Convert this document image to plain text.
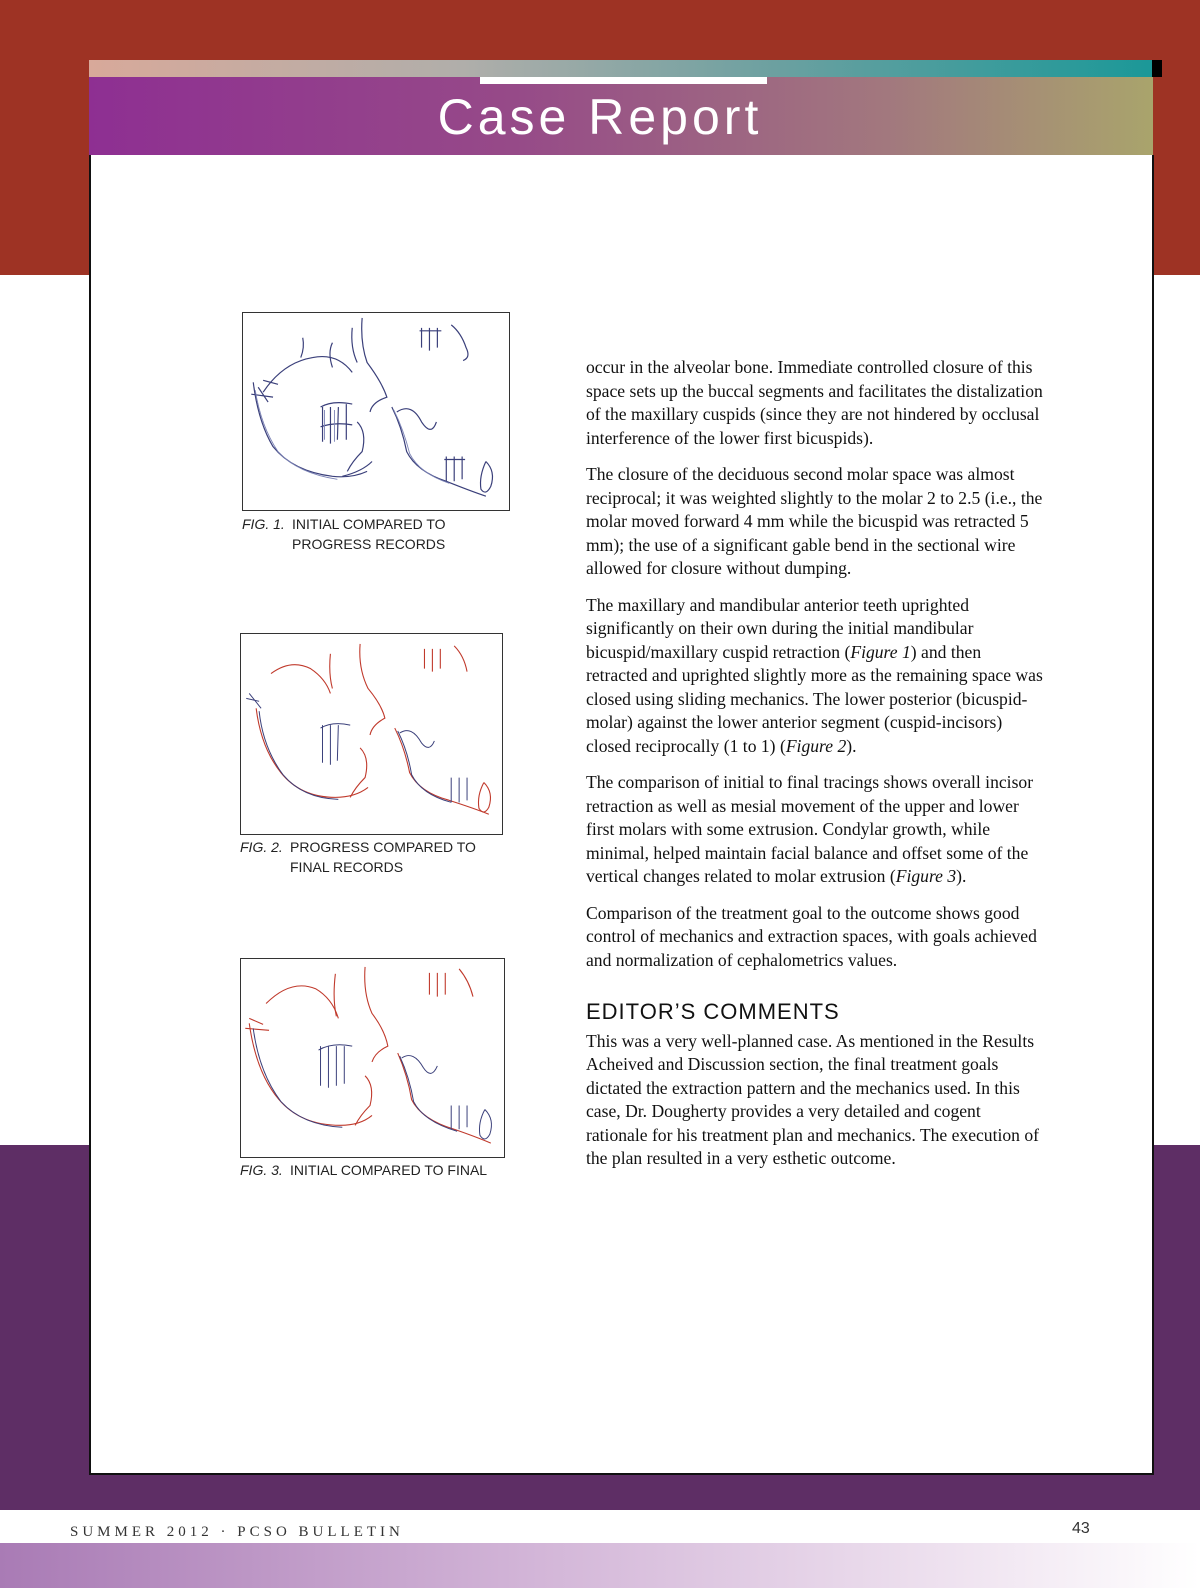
Case Report
FIG. 1. INITIAL COMPARED TO
PROGRESS RECORDS
FIG. 2. PROGRESS COMPARED TO
FINAL RECORDS
FIG. 3. INITIAL COMPARED TO FINAL

occur in the alveolar bone. Immediate controlled closure of this space sets up the buccal segments and facilitates the distalization of the maxillary cuspids (since they are not hindered by occlusal interference of the lower first bicuspids).

The closure of the deciduous second molar space was almost reciprocal; it was weighted slightly to the molar 2 to 2.5 (i.e., the molar moved forward 4 mm while the bicuspid was retracted 5 mm); the use of a significant gable bend in the sectional wire allowed for closure without dumping.

The maxillary and mandibular anterior teeth uprighted significantly on their own during the initial mandibular bicuspid/maxillary cuspid retraction (Figure 1) and then retracted and uprighted slightly more as the remaining space was closed using sliding mechanics. The lower posterior (bicuspid-molar) against the lower anterior segment (cuspid-incisors) closed reciprocally (1 to 1) (Figure 2).

The comparison of initial to final tracings shows overall incisor retraction as well as mesial movement of the upper and lower first molars with some extrusion. Condylar growth, while minimal, helped maintain facial balance and offset some of the vertical changes related to molar extrusion (Figure 3).

Comparison of the treatment goal to the outcome shows good control of mechanics and extraction spaces, with goals achieved and normalization of cephalometrics values.

EDITOR’S COMMENTS

This was a very well-planned case. As mentioned in the Results Acheived and Discussion section, the final treatment goals dictated the extraction pattern and the mechanics used. In this case, Dr. Dougherty provides a very detailed and cogent rationale for his treatment plan and mechanics. The execution of the plan resulted in a very esthetic outcome.

SUMMER 2012 · PCSO BULLETIN	43
